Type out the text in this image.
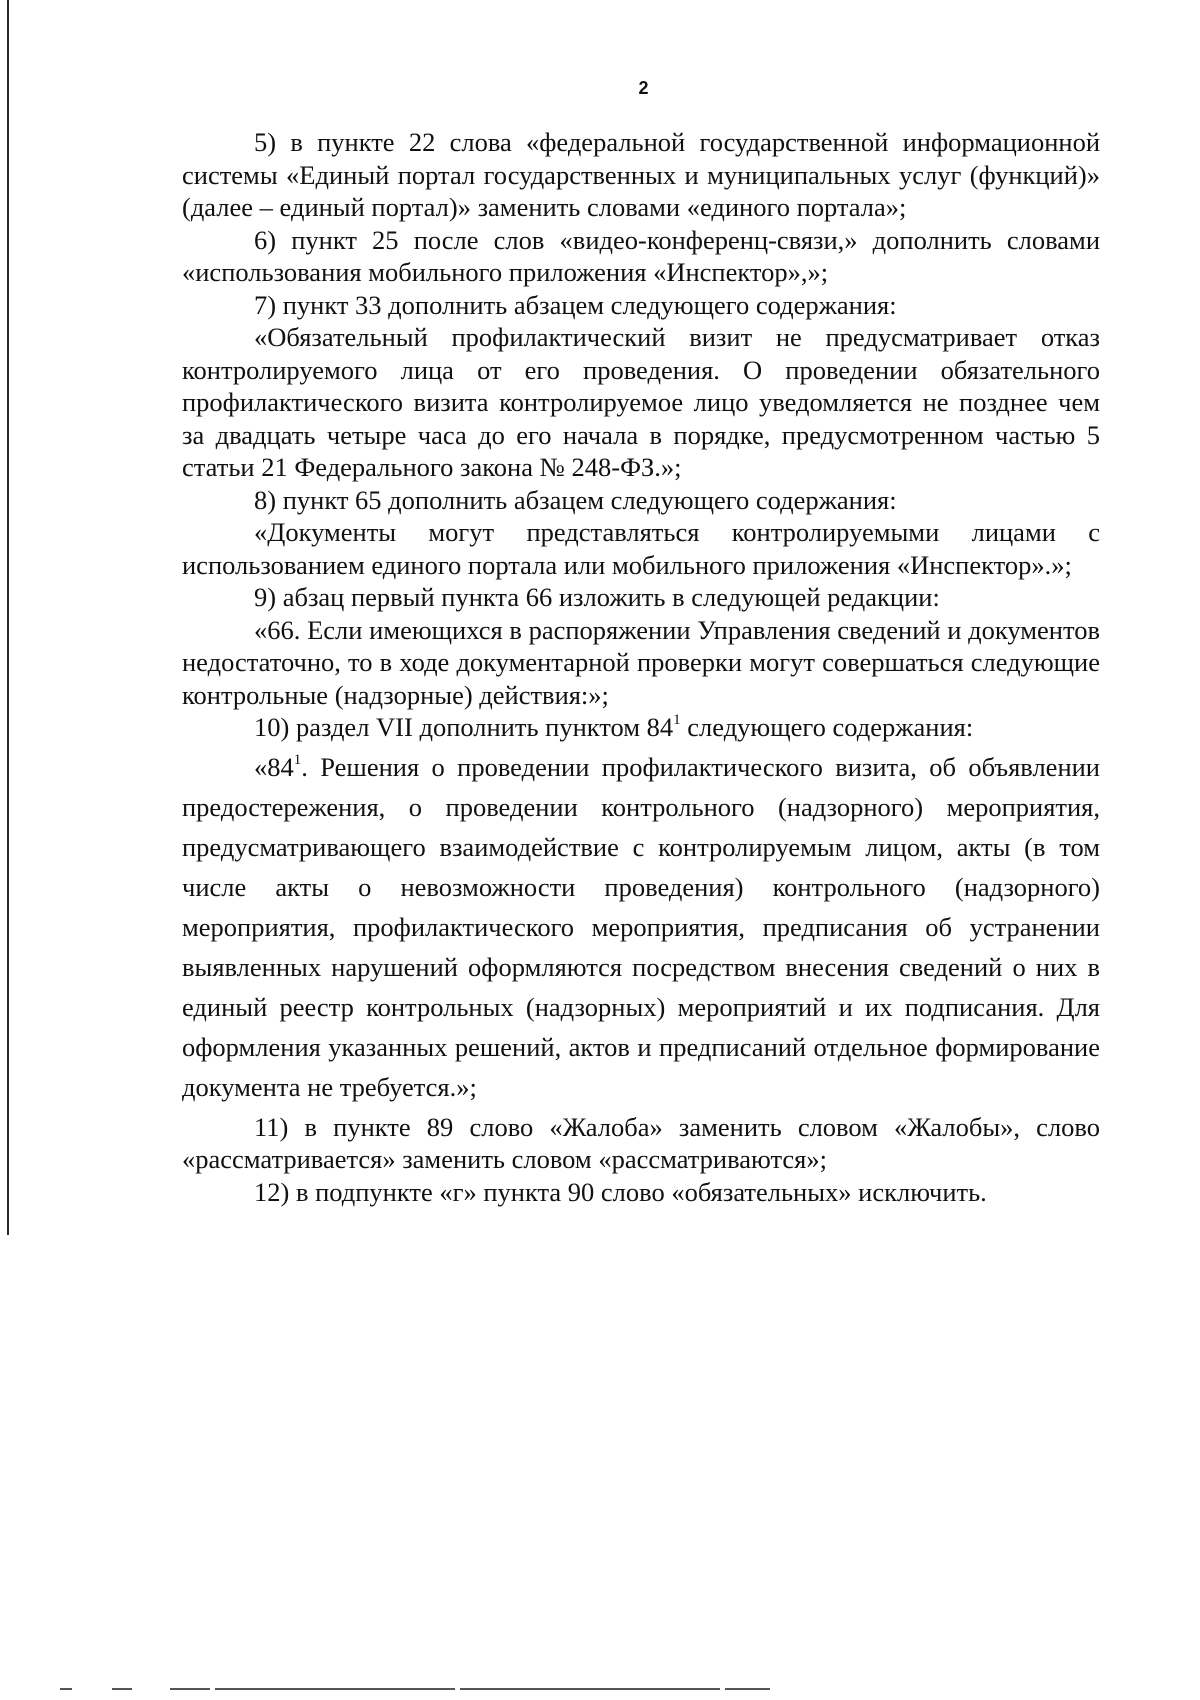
2

5) в пункте 22 слова «федеральной государственной информационной системы «Единый портал государственных и муниципальных услуг (функций)» (далее – единый портал)» заменить словами «единого портала»;

6) пункт 25 после слов «видео-конференц-связи,» дополнить словами «использования мобильного приложения «Инспектор»,»;

7) пункт 33 дополнить абзацем следующего содержания:

«Обязательный профилактический визит не предусматривает отказ контролируемого лица от его проведения. О проведении обязательного профилактического визита контролируемое лицо уведомляется не позднее чем за двадцать четыре часа до его начала в порядке, предусмотренном частью 5 статьи 21 Федерального закона № 248-ФЗ.»;

8) пункт 65 дополнить абзацем следующего содержания:

«Документы могут представляться контролируемыми лицами с использованием единого портала или мобильного приложения «Инспектор».»;

9) абзац первый пункта 66 изложить в следующей редакции:

«66. Если имеющихся в распоряжении Управления сведений и документов недостаточно, то в ходе документарной проверки могут совершаться следующие контрольные (надзорные) действия:»;

10) раздел VII дополнить пунктом $84^1$ следующего содержания:

«$84^1$. Решения о проведении профилактического визита, об объявлении предостережения, о проведении контрольного (надзорного) мероприятия, предусматривающего взаимодействие с контролируемым лицом, акты (в том числе акты о невозможности проведения) контрольного (надзорного) мероприятия, профилактического мероприятия, предписания об устранении выявленных нарушений оформляются посредством внесения сведений о них в единый реестр контрольных (надзорных) мероприятий и их подписания. Для оформления указанных решений, актов и предписаний отдельное формирование документа не требуется.»;

11) в пункте 89 слово «Жалоба» заменить словом «Жалобы», слово «рассматривается» заменить словом «рассматриваются»;

12) в подпункте «г» пункта 90 слово «обязательных» исключить.
